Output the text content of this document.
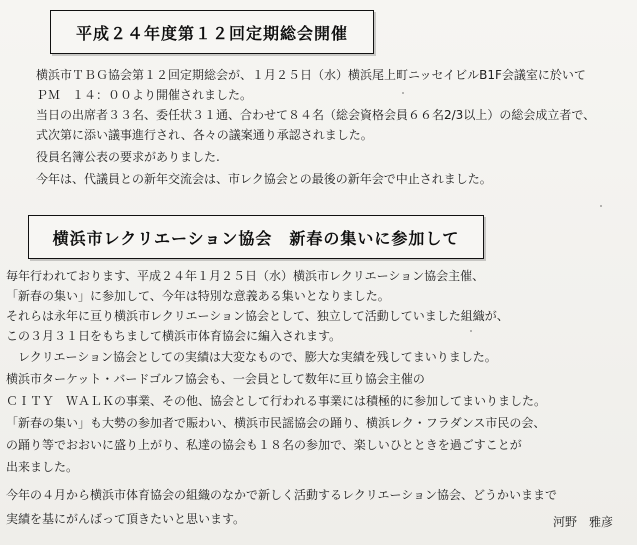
平成２４年度第１２回定期総会開催
横浜市ＴＢＧ協会第１２回定期総会が、１月２５日（水）横浜尾上町ニッセイビルB1F会議室に於いて
ＰＭ　１４：００より開催されました。
当日の出席者３３名、委任状３１通、合わせて８４名（総会資格会員６６名2/3以上）の総会成立者で、
式次第に添い議事進行され、各々の議案通り承認されました。
役員名簿公表の要求がありました.
今年は、代議員との新年交流会は、市レク協会との最後の新年会で中止されました。
横浜市レクリエーション協会　新春の集いに参加して
毎年行われております、平成２４年１月２５日（水）横浜市レクリエーション協会主催、
「新春の集い」に参加して、今年は特別な意義ある集いとなりました。
それらは永年に亘り横浜市レクリエーション協会として、独立して活動していました組織が、
この３月３１日をもちまして横浜市体育協会に編入されます。
　レクリエーション協会としての実績は大変なもので、膨大な実績を残してまいりました。
横浜市ターケット・バードゴルフ協会も、一会員として数年に亘り協会主催の
ＣＩＴＹ　ＷＡＬＫの事業、その他、協会として行われる事業には積極的に参加してまいりました。
「新春の集い」も大勢の参加者で賑わい、横浜市民謡協会の踊り、横浜レク・フラダンス市民の会、
の踊り等でおおいに盛り上がり、私達の協会も１８名の参加で、楽しいひとときを過ごすことが
出来ました。
今年の４月から横浜市体育協会の組織のなかで新しく活動するレクリエーション協会、どうかいままで
実績を基にがんばって頂きたいと思います。	河野　雅彦
